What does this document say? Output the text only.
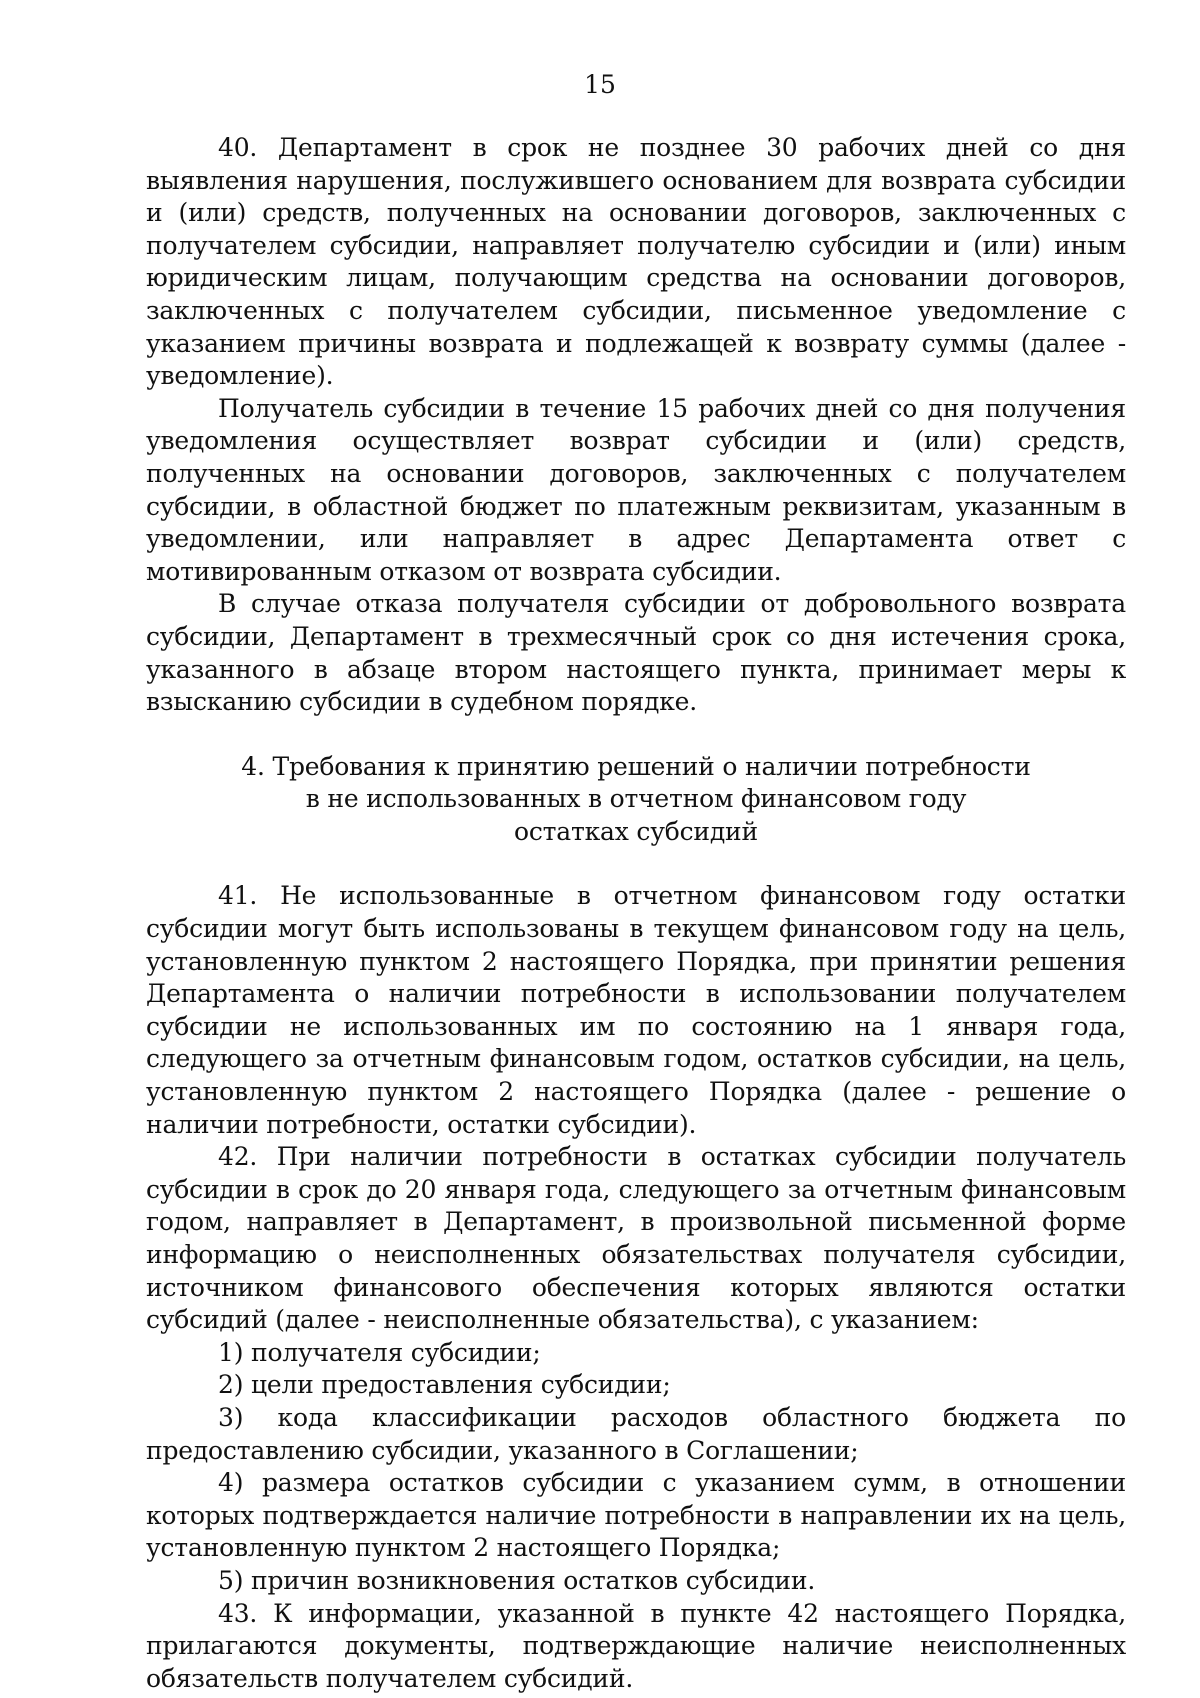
15

40. Департамент в срок не позднее 30 рабочих дней со дня выявления нарушения, послужившего основанием для возврата субсидии и (или) средств, полученных на основании договоров, заключенных с получателем субсидии, направляет получателю субсидии и (или) иным юридическим лицам, получающим средства на основании договоров, заключенных с получателем субсидии, письменное уведомление с указанием причины возврата и подлежащей к возврату суммы (далее - уведомление).

Получатель субсидии в течение 15 рабочих дней со дня получения уведомления осуществляет возврат субсидии и (или) средств, полученных на основании договоров, заключенных с получателем субсидии, в областной бюджет по платежным реквизитам, указанным в уведомлении, или направляет в адрес Департамента ответ с мотивированным отказом от возврата субсидии.

В случае отказа получателя субсидии от добровольного возврата субсидии, Департамент в трехмесячный срок со дня истечения срока, указанного в абзаце втором настоящего пункта, принимает меры к взысканию субсидии в судебном порядке.

4. Требования к принятию решений о наличии потребности
в не использованных в отчетном финансовом году
остатках субсидий

41. Не использованные в отчетном финансовом году остатки субсидии могут быть использованы в текущем финансовом году на цель, установленную пунктом 2 настоящего Порядка, при принятии решения Департамента о наличии потребности в использовании получателем субсидии не использованных им по состоянию на 1 января года, следующего за отчетным финансовым годом, остатков субсидии, на цель, установленную пунктом 2 настоящего Порядка (далее - решение о наличии потребности, остатки субсидии).

42. При наличии потребности в остатках субсидии получатель субсидии в срок до 20 января года, следующего за отчетным финансовым годом, направляет в Департамент, в произвольной письменной форме информацию о неисполненных обязательствах получателя субсидии, источником финансового обеспечения которых являются остатки субсидий (далее - неисполненные обязательства), с указанием:

1) получателя субсидии;

2) цели предоставления субсидии;

3) кода классификации расходов областного бюджета по предоставлению субсидии, указанного в Соглашении;

4) размера остатков субсидии с указанием сумм, в отношении которых подтверждается наличие потребности в направлении их на цель, установленную пунктом 2 настоящего Порядка;

5) причин возникновения остатков субсидии.

43. К информации, указанной в пункте 42 настоящего Порядка, прилагаются документы, подтверждающие наличие неисполненных обязательств получателем субсидий.
